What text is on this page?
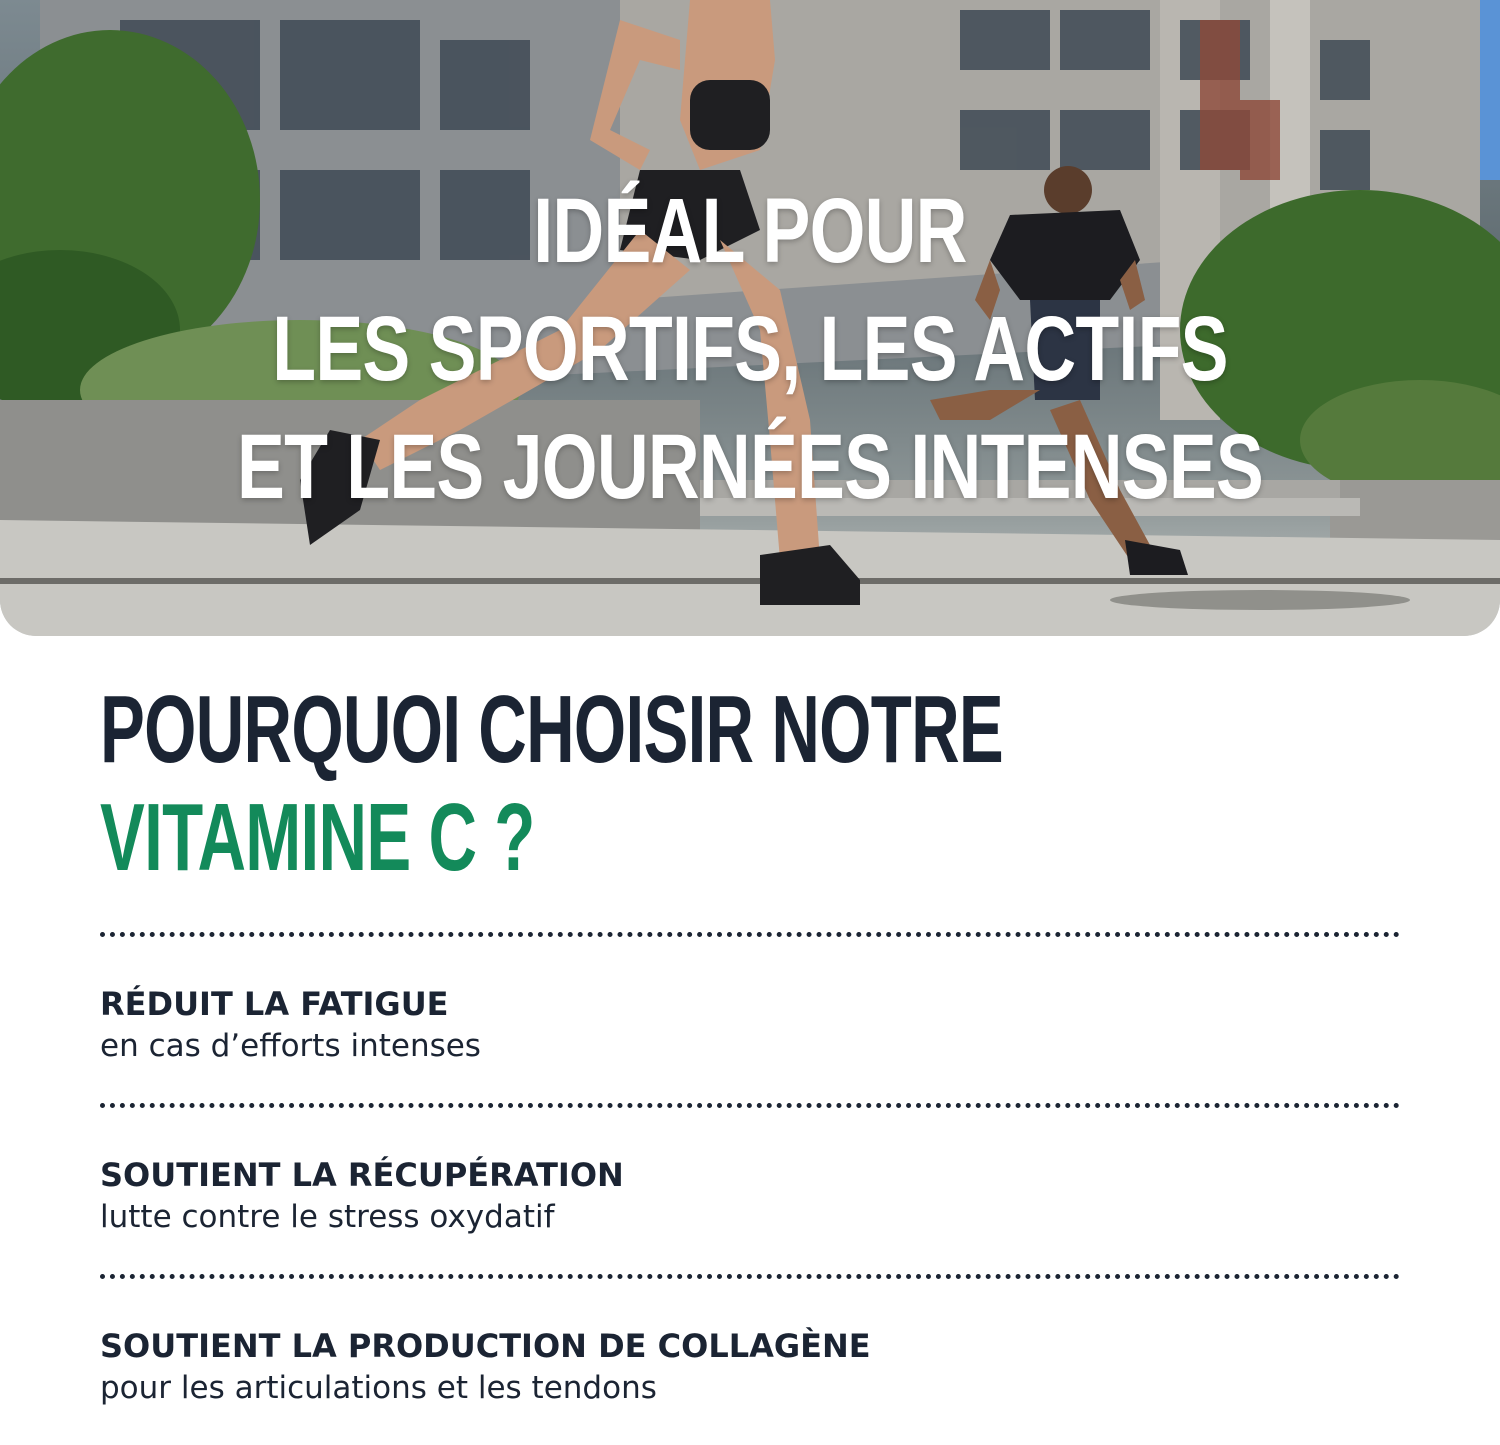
IDÉAL POUR
LES SPORTIFS, LES ACTIFS
ET LES JOURNÉES INTENSES
POURQUOI CHOISIR NOTRE
VITAMINE C ?

RÉDUIT LA FATIGUE

en cas d’efforts intenses

SOUTIENT LA RÉCUPÉRATION

lutte contre le stress oxydatif

SOUTIENT LA PRODUCTION DE COLLAGÈNE

pour les articulations et les tendons
